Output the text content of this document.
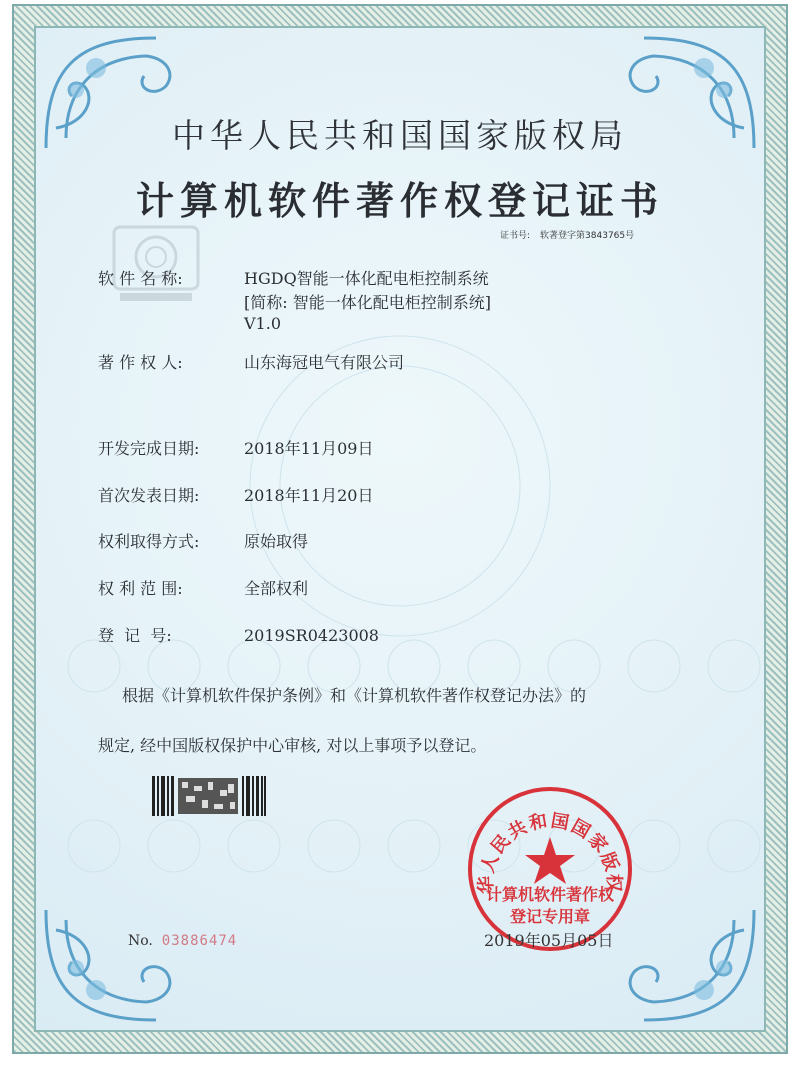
中华人民共和国国家版权局
计算机软件著作权登记证书
证书号: 软著登字第3843765号
软 件 名 称:	HGDQ智能一体化配电柜控制系统
[简称: 智能一体化配电柜控制系统]
V1.0
著 作 权 人:	山东海冠电气有限公司
开发完成日期:	2018年11月09日
首次发表日期:	2018年11月20日
权利取得方式:	原始取得
权 利 范 围:	全部权利
登  记  号:	2019SR0423008
根据《计算机软件保护条例》和《计算机软件著作权登记办法》的
规定, 经中国版权保护中心审核, 对以上事项予以登记。
No. 03886474
华人民共和国国家版权
计算机软件著作权
登记专用章
2019年05月05日
